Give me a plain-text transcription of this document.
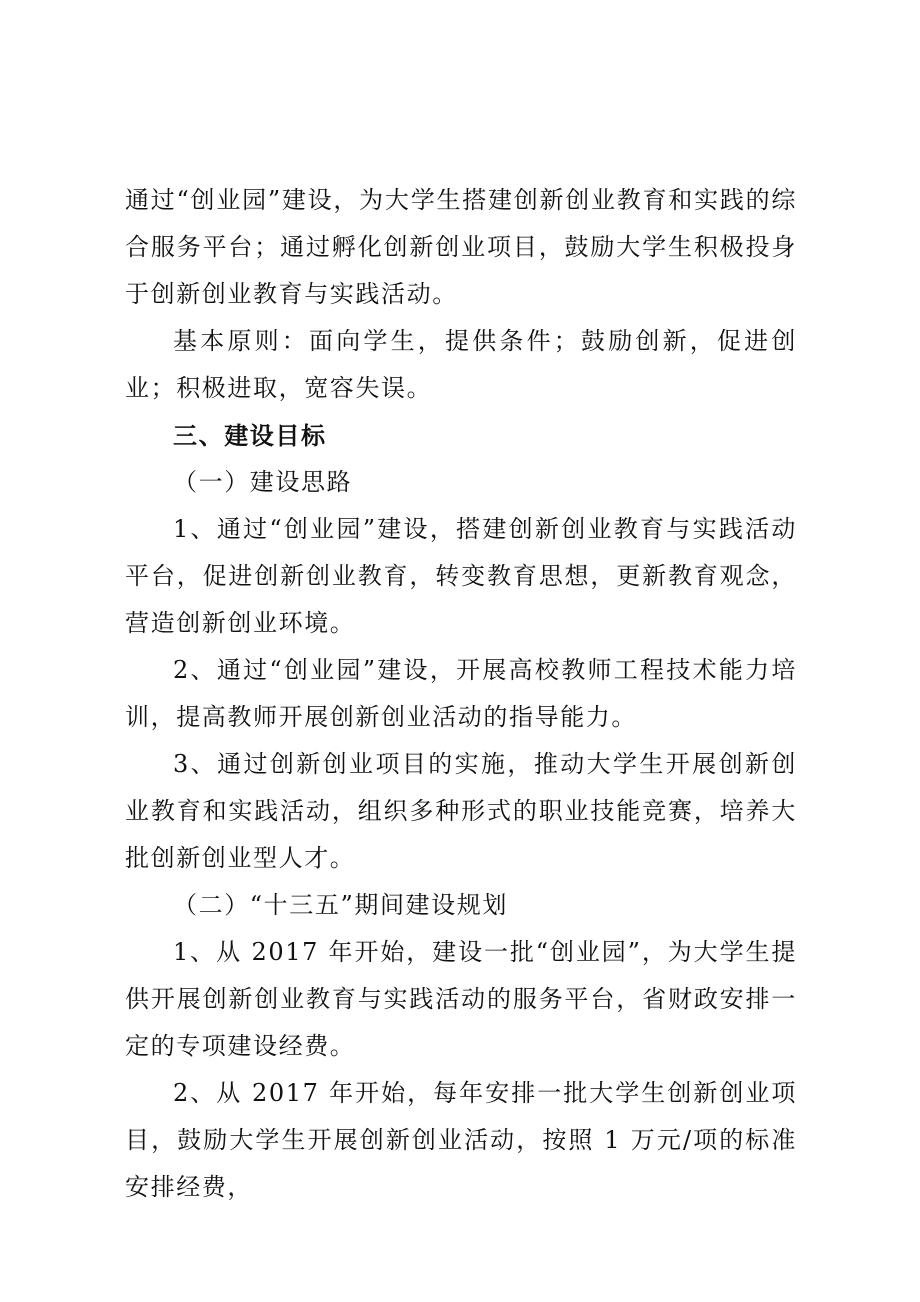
通过“创业园”建设，为大学生搭建创新创业教育和实践的综合服务平台；通过孵化创新创业项目，鼓励大学生积极投身于创新创业教育与实践活动。

基本原则：面向学生，提供条件；鼓励创新，促进创业；积极进取，宽容失误。

三、建设目标

（一）建设思路

1、通过“创业园”建设，搭建创新创业教育与实践活动平台，促进创新创业教育，转变教育思想，更新教育观念，营造创新创业环境。

2、通过“创业园”建设，开展高校教师工程技术能力培训，提高教师开展创新创业活动的指导能力。

3、通过创新创业项目的实施，推动大学生开展创新创业教育和实践活动，组织多种形式的职业技能竞赛，培养大批创新创业型人才。

（二）“十三五”期间建设规划

1、从 2017 年开始，建设一批“创业园”，为大学生提供开展创新创业教育与实践活动的服务平台，省财政安排一定的专项建设经费。

2、从 2017 年开始，每年安排一批大学生创新创业项目，鼓励大学生开展创新创业活动，按照 1 万元/项的标准安排经费，
